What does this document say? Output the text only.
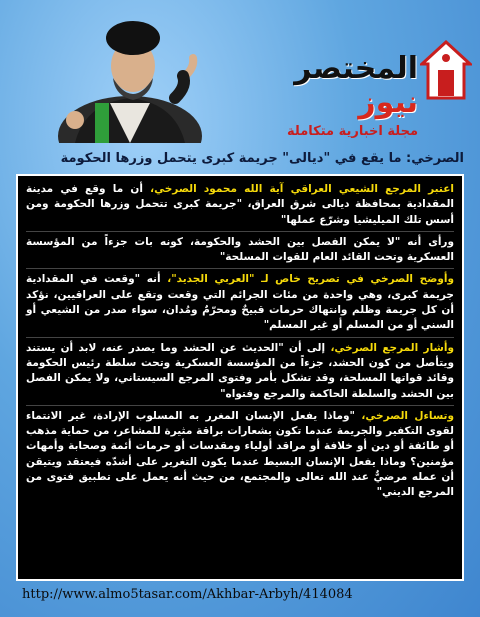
المختصر نيوز
مجلة اخبارية متكاملة
الصرخي: ما يقع في "ديالى" جريمة كبرى يتحمل وزرها الحكومة

اعتبر المرجع الشيعي العراقي آية الله محمود الصرخي، أن ما وقع في مدينة المقدادية بمحافظة ديالى شرق العراق، "جريمة كبرى تتحمل وزرها الحكومة ومن أسس تلك الميليشيا وشرّع عملها"

ورأى أنه "لا يمكن الفصل بين الحشد والحكومة، كونه بات جزءاً من المؤسسة العسكرية وتحت القائد العام للقوات المسلحة"

وأوضح الصرخي في تصريح خاص لـ "العربي الجديد"، أنه "وقعت في المقدادية جريمة كبرى، وهي واحدة من مئات الجرائم التي وقعت وتقع على العراقيين، نؤكد أن كل جريمة وظلم وانتهاك حرمات قبيحٌ ومحرّمٌ ومُدان، سواء صدر من الشيعي أو السني أو من المسلم أو غير المسلم"

وأشار المرجع الصرخي، إلى أن "الحديث عن الحشد وما يصدر عنه، لابد أن يستند ويتأصل من كون الحشد، جزءاً من المؤسسة العسكرية وتحت سلطة رئيس الحكومة وقائد قواتها المسلحة، وقد تشكل بأمر وفتوى المرجع السيستاني، ولا يمكن الفصل بين الحشد والسلطة الحاكمة والمرجع وفتواه"

وتساءل الصرخي، "وماذا يفعل الإنسان المغرر به المسلوب الإرادة، غير الانتماء لقوى التكفير والجريمة عندما تكون بشعارات براقة مثيرة للمشاعر، من حماية مذهب أو طائفة أو دين أو خلافة أو مراقد أولياء ومقدسات أو حرمات أئمة وصحابة وأمهات مؤمنين؟ وماذا يفعل الإنسان البسيط عندما يكون التغرير على أشدّه فيعتقد ويتيقن أن عمله مرضيٌّ عند الله تعالى والمجتمع، من حيث أنه يعمل على تطبيق فتوى من المرجع الديني"

http://www.almo5tasar.com/Akhbar-Arbyh/414084
